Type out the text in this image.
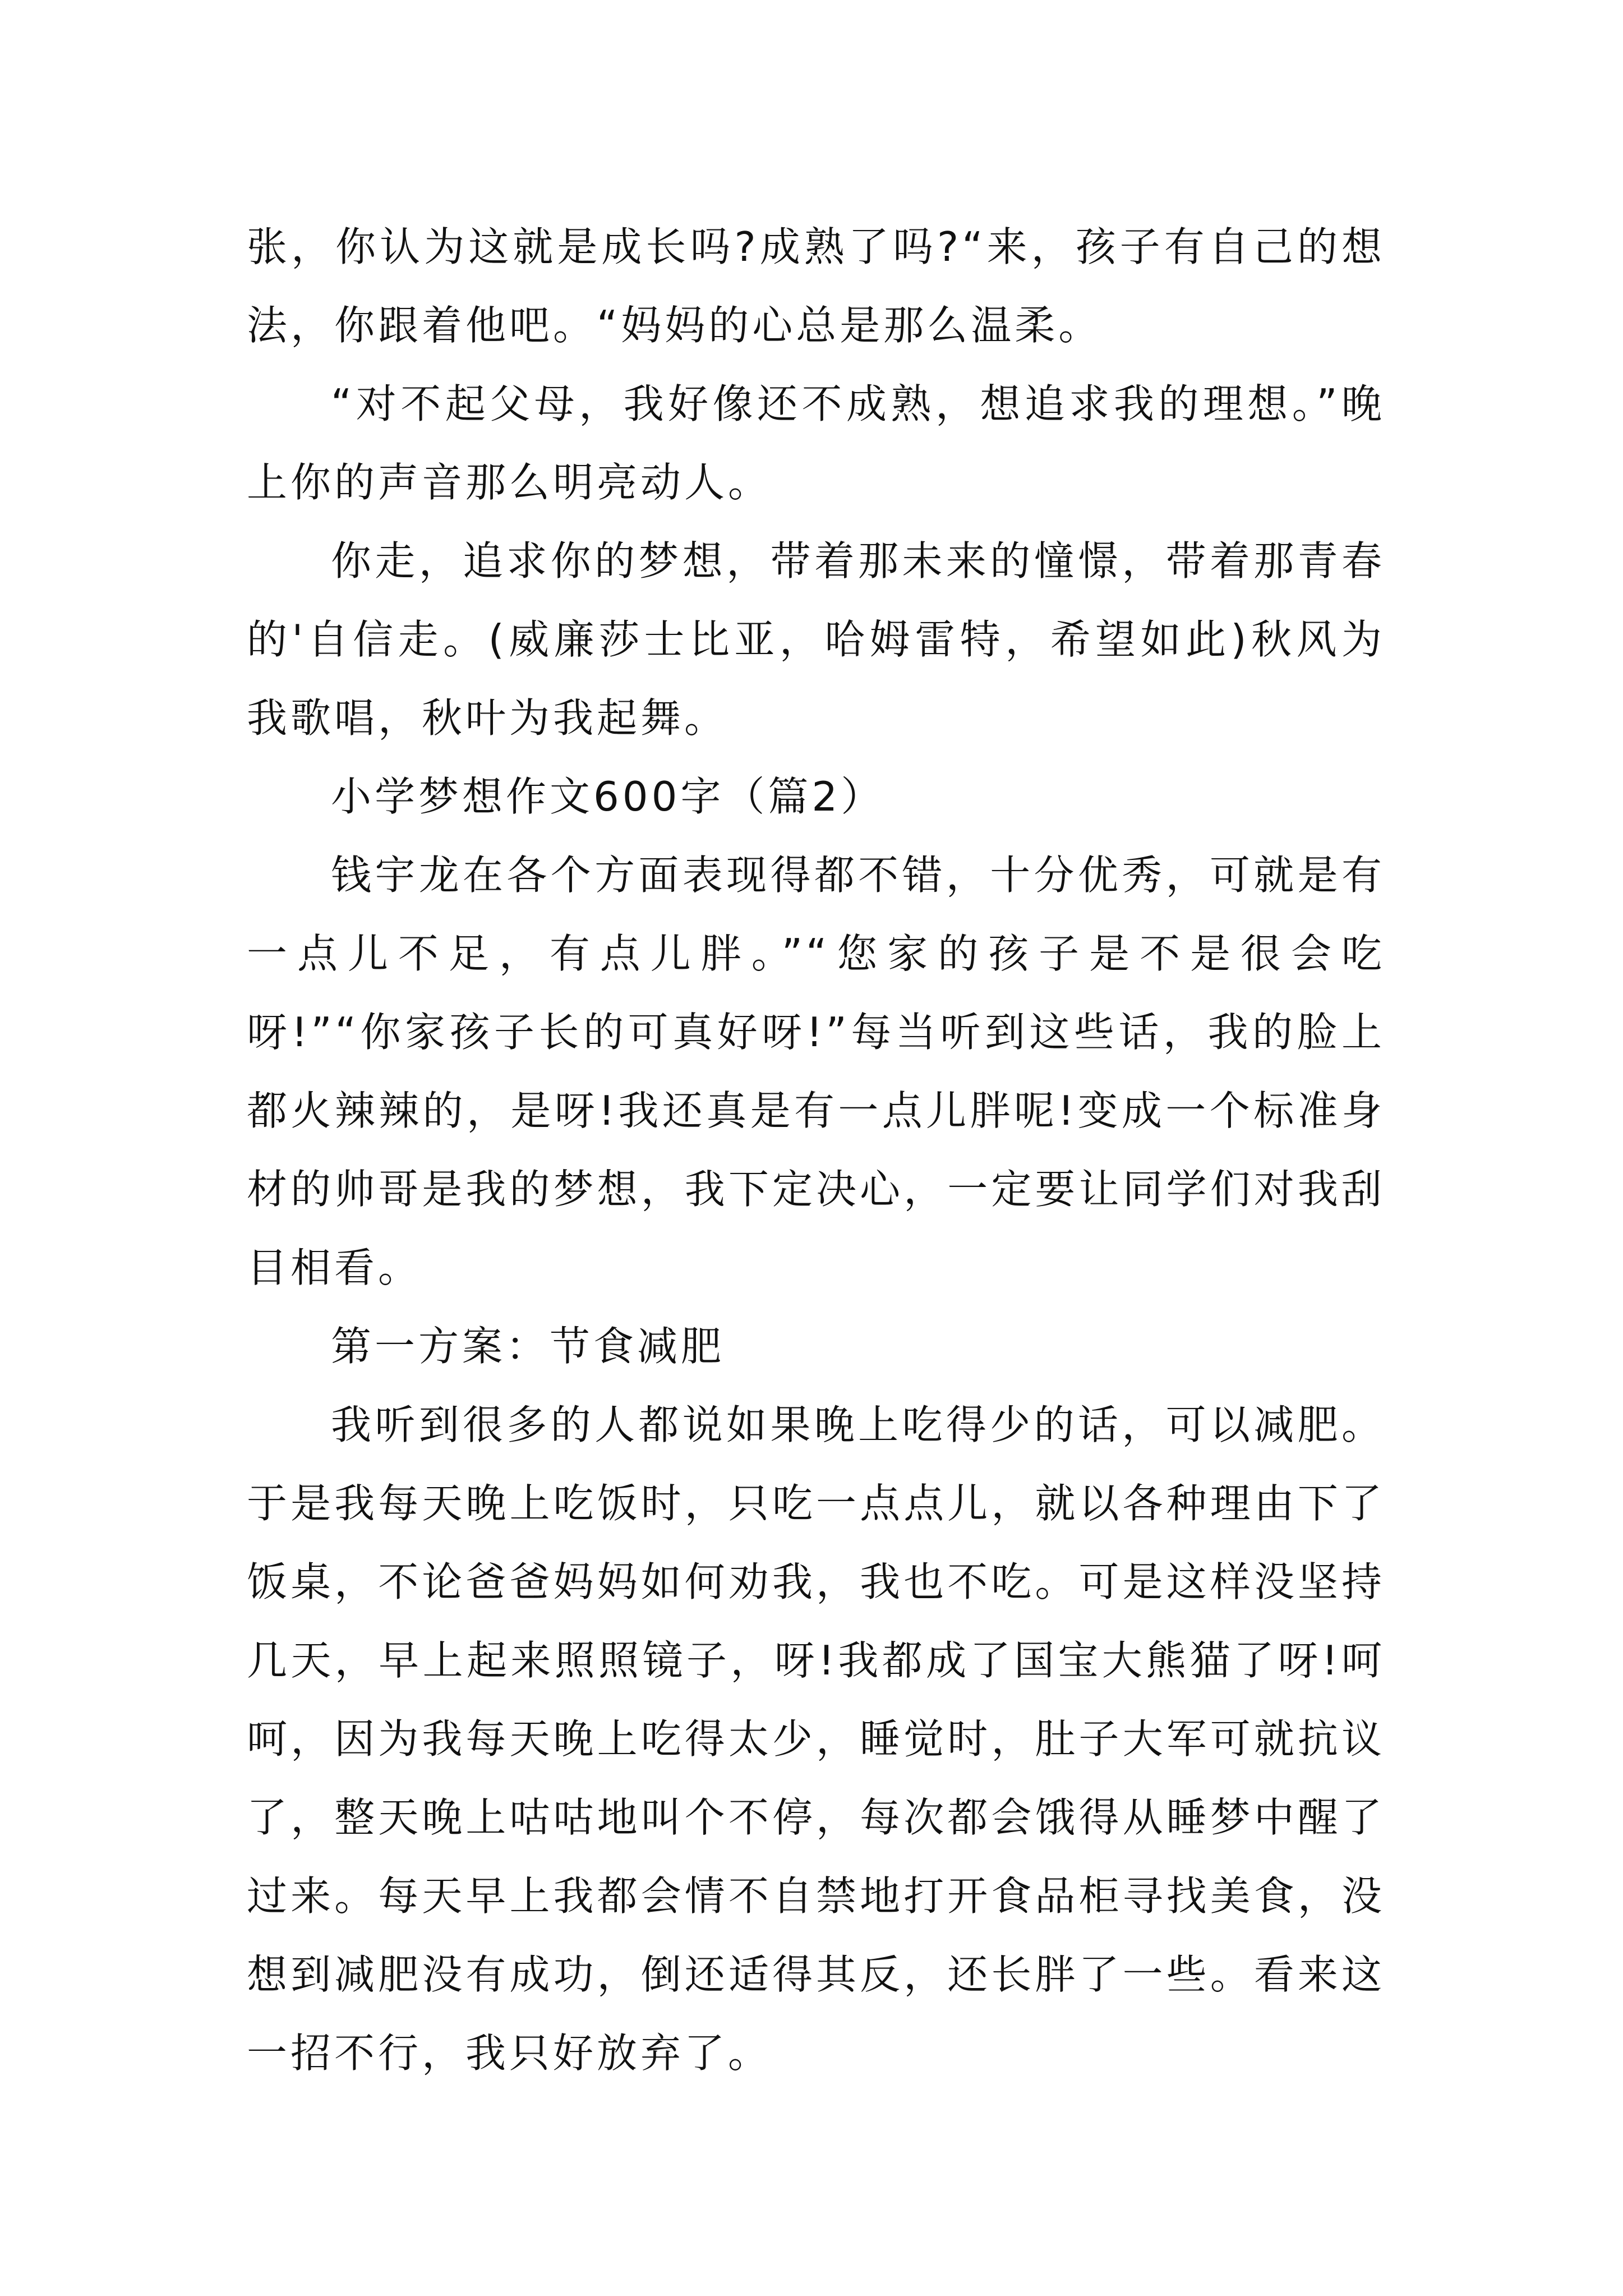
张，你认为这就是成长吗?成熟了吗?“来，孩子有自己的想法，你跟着他吧。“妈妈的心总是那么温柔。

“对不起父母，我好像还不成熟，想追求我的理想。”晚上你的声音那么明亮动人。

你走，追求你的梦想，带着那未来的憧憬，带着那青春的'自信走。(威廉莎士比亚，哈姆雷特，希望如此)秋风为我歌唱，秋叶为我起舞。

小学梦想作文600字（篇2）

钱宇龙在各个方面表现得都不错，十分优秀，可就是有一点儿不足，有点儿胖。”“您家的孩子是不是很会吃呀!”“你家孩子长的可真好呀!”每当听到这些话，我的脸上都火辣辣的，是呀!我还真是有一点儿胖呢!变成一个标准身材的帅哥是我的梦想，我下定决心，一定要让同学们对我刮目相看。

第一方案：节食减肥

我听到很多的人都说如果晚上吃得少的话，可以减肥。于是我每天晚上吃饭时，只吃一点点儿，就以各种理由下了饭桌，不论爸爸妈妈如何劝我，我也不吃。可是这样没坚持几天，早上起来照照镜子，呀!我都成了国宝大熊猫了呀!呵呵，因为我每天晚上吃得太少，睡觉时，肚子大军可就抗议了，整天晚上咕咕地叫个不停，每次都会饿得从睡梦中醒了过来。每天早上我都会情不自禁地打开食品柜寻找美食，没想到减肥没有成功，倒还适得其反，还长胖了一些。看来这一招不行，我只好放弃了。
